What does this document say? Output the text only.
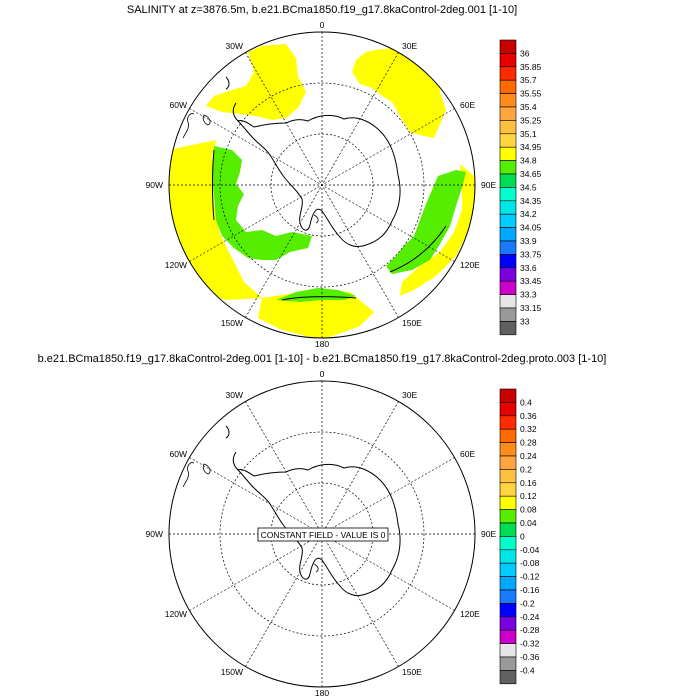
SALINITY at z=3876.5m, b.e21.BCma1850.f19_g17.8kaControl-2deg.001 [1-10]
0
30E
60E
90E
120E
150E
180
150W
120W
90W
60W
30W
36
35.85
35.7
35.55
35.4
35.25
35.1
34.95
34.8
34.65
34.5
34.35
34.2
34.05
33.9
33.75
33.6
33.45
33.3
33.15
33
b.e21.BCma1850.f19_g17.8kaControl-2deg.001 [1-10] - b.e21.BCma1850.f19_g17.8kaControl-2deg.proto.003 [1-10]
CONSTANT FIELD - VALUE IS 0
0
30E
60E
90E
120E
150E
180
150W
120W
90W
60W
30W
0.4
0.36
0.32
0.28
0.24
0.2
0.16
0.12
0.08
0.04
0
-0.04
-0.08
-0.12
-0.16
-0.2
-0.24
-0.28
-0.32
-0.36
-0.4
